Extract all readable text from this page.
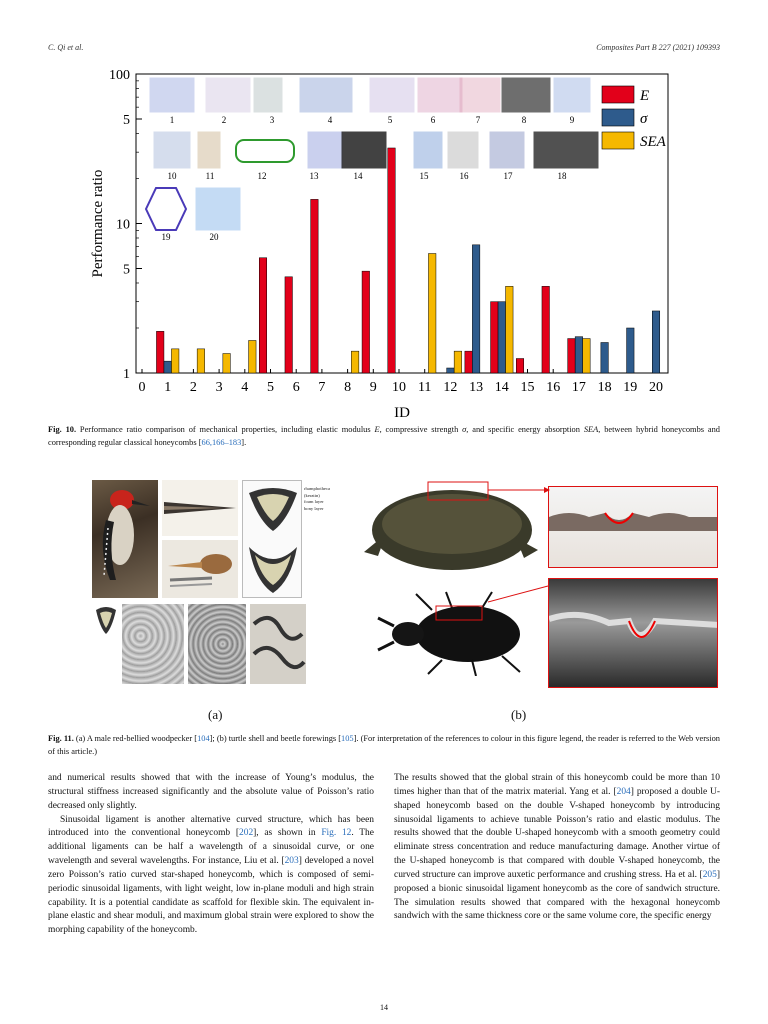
C. Qi et al.	Composites Part B 227 (2021) 109393
1
5
10
5
100
0 1 2 3 4 5 6 7 8 9 10 11 12 13 14 15 16 17 18 19 20
Performance ratio
ID
E
σ
SEA
1	2	3	4	5	6	7	8	9
10	11	12	13	14	15	16	17	18
19	20
Fig. 10. Performance ratio comparison of mechanical properties, including elastic modulus E, compressive strength σ, and specific energy absorption SEA, between hybrid honeycombs and corresponding regular classical honeycombs [66,166–183].
rhamphotheca
(keratin)
foam layer
bony layer
(a)	(b)
Fig. 11. (a) A male red-bellied woodpecker [104]; (b) turtle shell and beetle forewings [105]. (For interpretation of the references to colour in this figure legend, the reader is referred to the Web version of this article.)

and numerical results showed that with the increase of Young’s modulus, the structural stiffness increased significantly and the absolute value of Poisson’s ratio decreased only slightly.

Sinusoidal ligament is another alternative curved structure, which has been introduced into the conventional honeycomb [202], as shown in Fig. 12. The additional ligaments can be half a wavelength of a sinusoidal curve, or one wavelength and several wavelengths. For instance, Liu et al. [203] developed a novel zero Poisson’s ratio curved star-shaped honeycomb, which is composed of semi-periodic sinusoidal ligaments, with light weight, low in-plane moduli and high strain capability. It is a potential candidate as scaffold for flexible skin. The equivalent in-plane elastic and shear moduli, and maximum global strain were explored to show the morphing capability of the honeycomb.

The results showed that the global strain of this honeycomb could be more than 10 times higher than that of the matrix material. Yang et al. [204] proposed a double U-shaped honeycomb based on the double V-shaped honeycomb by introducing sinusoidal ligaments to achieve tunable Poisson’s ratio and elastic modulus. The results showed that the double U-shaped honeycomb with a smooth geometry could eliminate stress concentration and reduce manufacturing damage. Another virtue of the U-shaped honeycomb is that compared with double V-shaped honeycomb, the curved structure can improve auxetic performance and crushing stress. Ha et al. [205] proposed a bionic sinusoidal ligament honeycomb as the core of sandwich structure. The simulation results showed that compared with the hexagonal honeycomb sandwich with the same thickness core or the same volume core, the specific energy

14
